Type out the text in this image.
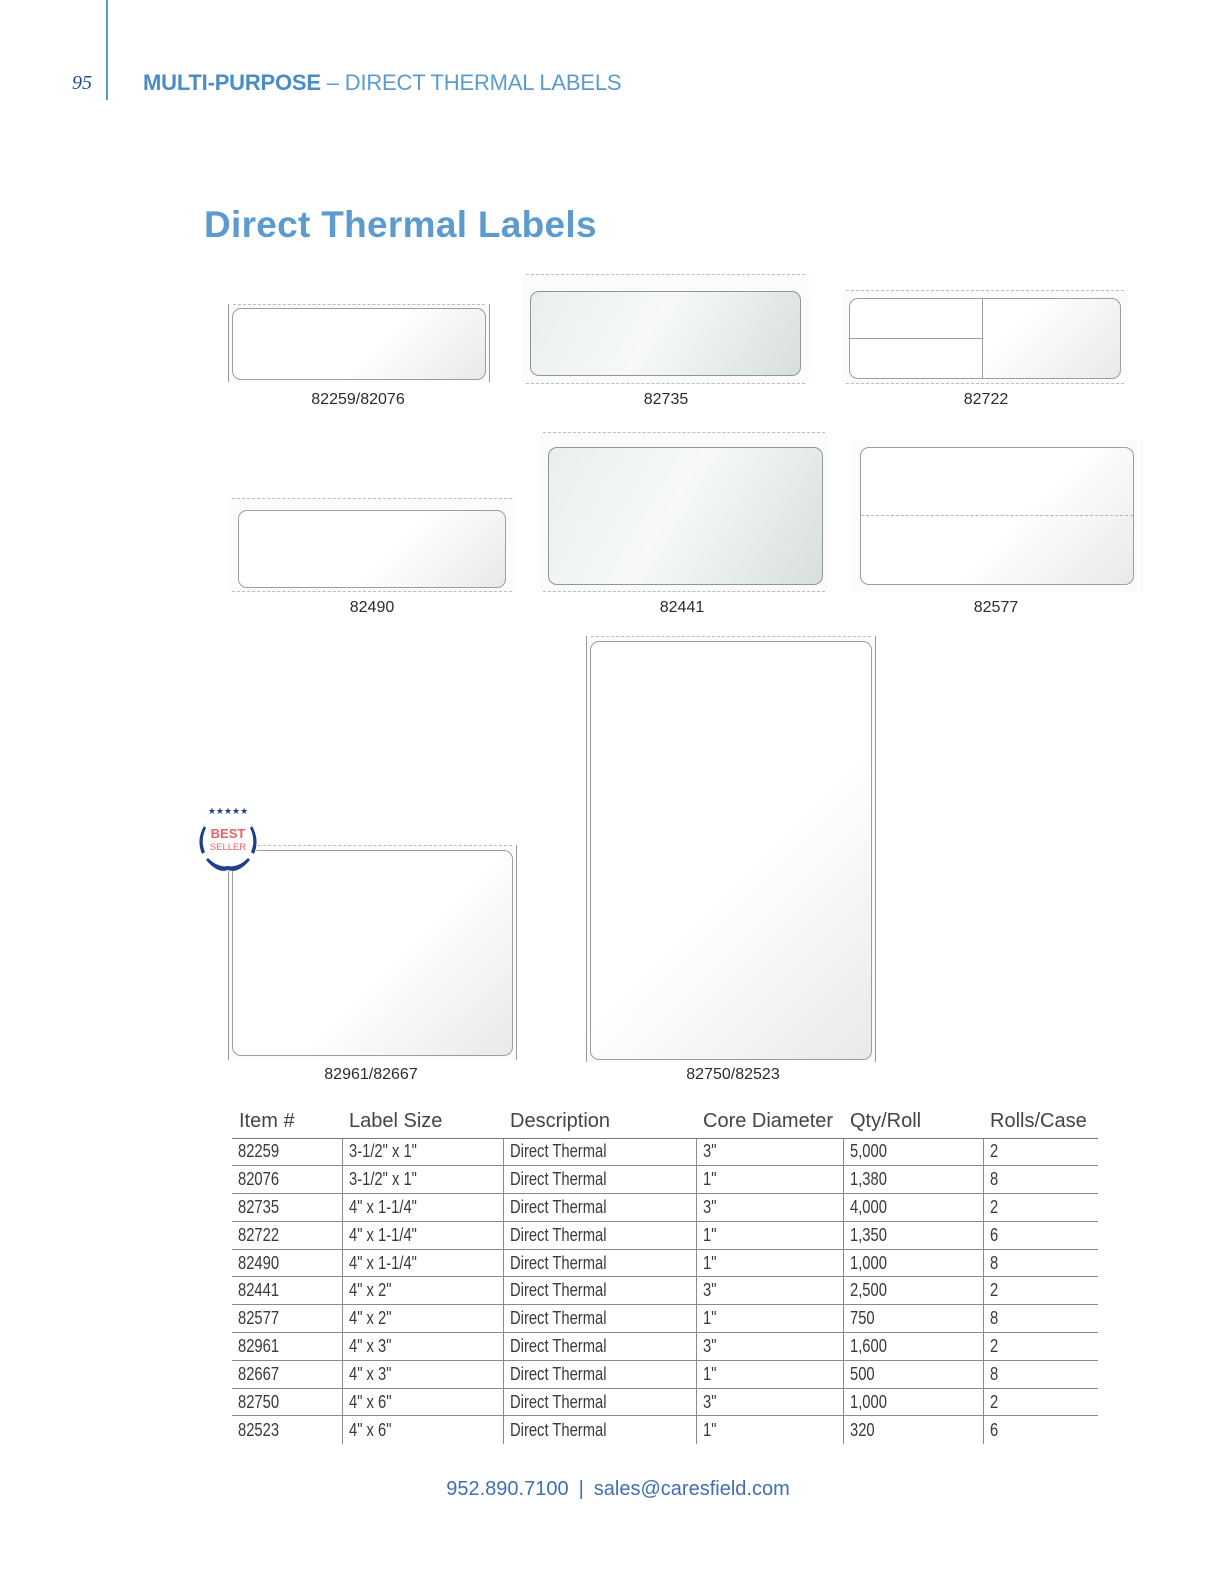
95 MULTI-PURPOSE – DIRECT THERMAL LABELS
Direct Thermal Labels
82259/82076	82735	82722
82490	82441	82577
82961/82667	82750/82523
★★★★★
BEST
SELLER
Item #	Label Size	Description	Core Diameter	Qty/Roll	Rolls/Case
82259	3-1/2" x 1"	Direct Thermal	3"	5,000	2
82076	3-1/2" x 1"	Direct Thermal	1"	1,380	8
82735	4" x 1-1/4"	Direct Thermal	3"	4,000	2
82722	4" x 1-1/4"	Direct Thermal	1"	1,350	6
82490	4" x 1-1/4"	Direct Thermal	1"	1,000	8
82441	4" x 2"	Direct Thermal	3"	2,500	2
82577	4" x 2"	Direct Thermal	1"	750	8
82961	4" x 3"	Direct Thermal	3"	1,600	2
82667	4" x 3"	Direct Thermal	1"	500	8
82750	4" x 6"	Direct Thermal	3"	1,000	2
82523	4" x 6"	Direct Thermal	1"	320	6
952.890.7100 | sales@caresfield.com
